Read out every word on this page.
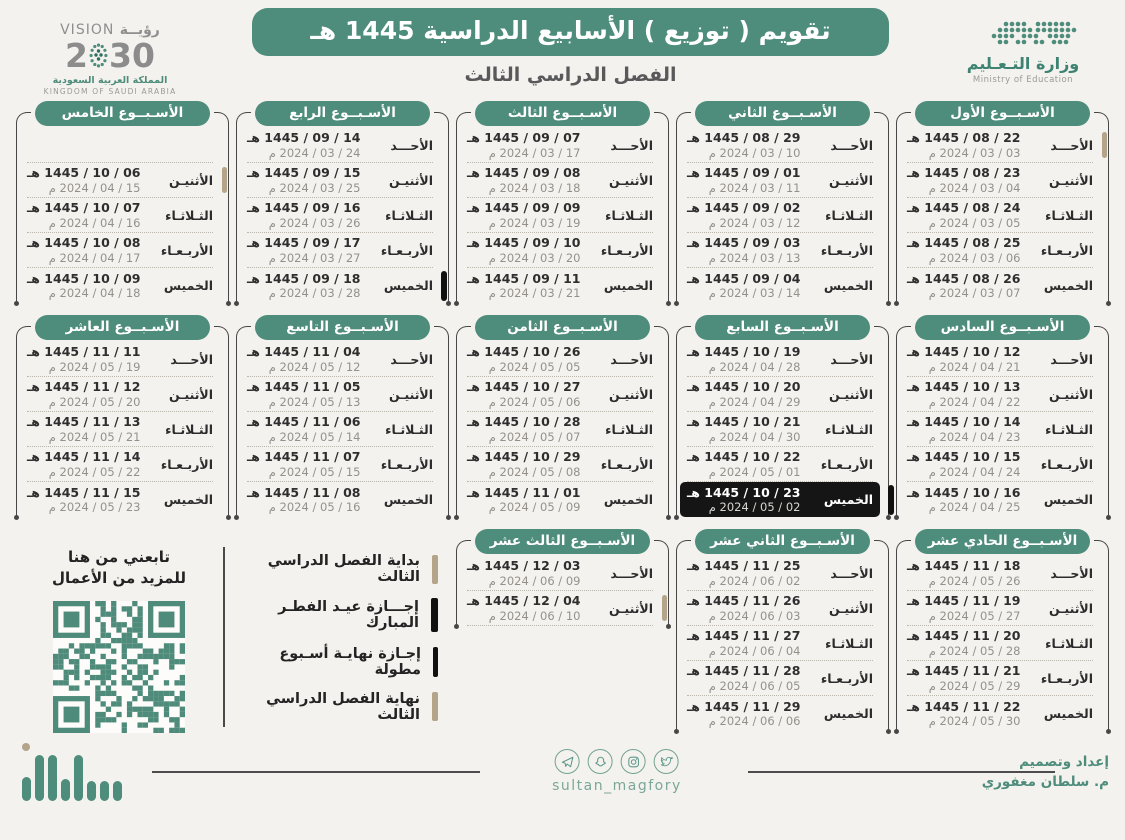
وزارة التـعـليم
Ministry of Education
تقويم ( توزيع ) الأسابيع الدراسية 1445 هـ
الفصل الدراسي الثالث
VISION رؤيــة
2 30
المملكة العربية السعودية
KINGDOM OF SAUDI ARABIA
الأسـبــوع الأول
الأحـــد
22 / 08 / 1445 هـ
03 / 03 / 2024 م
الأثنيـن
23 / 08 / 1445 هـ
04 / 03 / 2024 م
الثـلاثـاء
24 / 08 / 1445 هـ
05 / 03 / 2024 م
الأربـعـاء
25 / 08 / 1445 هـ
06 / 03 / 2024 م
الخميس
26 / 08 / 1445 هـ
07 / 03 / 2024 م
الأسـبــوع الثاني
الأحـــد
29 / 08 / 1445 هـ
10 / 03 / 2024 م
الأثنيـن
01 / 09 / 1445 هـ
11 / 03 / 2024 م
الثـلاثـاء
02 / 09 / 1445 هـ
12 / 03 / 2024 م
الأربـعـاء
03 / 09 / 1445 هـ
13 / 03 / 2024 م
الخميس
04 / 09 / 1445 هـ
14 / 03 / 2024 م
الأسـبــوع الثالث
الأحـــد
07 / 09 / 1445 هـ
17 / 03 / 2024 م
الأثنيـن
08 / 09 / 1445 هـ
18 / 03 / 2024 م
الثـلاثـاء
09 / 09 / 1445 هـ
19 / 03 / 2024 م
الأربـعـاء
10 / 09 / 1445 هـ
20 / 03 / 2024 م
الخميس
11 / 09 / 1445 هـ
21 / 03 / 2024 م
الأسـبــوع الرابع
الأحـــد
14 / 09 / 1445 هـ
24 / 03 / 2024 م
الأثنيـن
15 / 09 / 1445 هـ
25 / 03 / 2024 م
الثـلاثـاء
16 / 09 / 1445 هـ
26 / 03 / 2024 م
الأربـعـاء
17 / 09 / 1445 هـ
27 / 03 / 2024 م
الخميس
18 / 09 / 1445 هـ
28 / 03 / 2024 م
الأسـبــوع الخامس
الأثنيـن
06 / 10 / 1445 هـ
15 / 04 / 2024 م
الثـلاثـاء
07 / 10 / 1445 هـ
16 / 04 / 2024 م
الأربـعـاء
08 / 10 / 1445 هـ
17 / 04 / 2024 م
الخميس
09 / 10 / 1445 هـ
18 / 04 / 2024 م
الأسـبــوع السادس
الأحـــد
12 / 10 / 1445 هـ
21 / 04 / 2024 م
الأثنيـن
13 / 10 / 1445 هـ
22 / 04 / 2024 م
الثـلاثـاء
14 / 10 / 1445 هـ
23 / 04 / 2024 م
الأربـعـاء
15 / 10 / 1445 هـ
24 / 04 / 2024 م
الخميس
16 / 10 / 1445 هـ
25 / 04 / 2024 م
الأسـبــوع السابع
الأحـــد
19 / 10 / 1445 هـ
28 / 04 / 2024 م
الأثنيـن
20 / 10 / 1445 هـ
29 / 04 / 2024 م
الثـلاثـاء
21 / 10 / 1445 هـ
30 / 04 / 2024 م
الأربـعـاء
22 / 10 / 1445 هـ
01 / 05 / 2024 م
الخميس
23 / 10 / 1445 هـ
02 / 05 / 2024 م
الأسـبــوع الثامن
الأحـــد
26 / 10 / 1445 هـ
05 / 05 / 2024 م
الأثنيـن
27 / 10 / 1445 هـ
06 / 05 / 2024 م
الثـلاثـاء
28 / 10 / 1445 هـ
07 / 05 / 2024 م
الأربـعـاء
29 / 10 / 1445 هـ
08 / 05 / 2024 م
الخميس
01 / 11 / 1445 هـ
09 / 05 / 2024 م
الأسـبــوع التاسع
الأحـــد
04 / 11 / 1445 هـ
12 / 05 / 2024 م
الأثنيـن
05 / 11 / 1445 هـ
13 / 05 / 2024 م
الثـلاثـاء
06 / 11 / 1445 هـ
14 / 05 / 2024 م
الأربـعـاء
07 / 11 / 1445 هـ
15 / 05 / 2024 م
الخميس
08 / 11 / 1445 هـ
16 / 05 / 2024 م
الأسـبــوع العاشر
الأحـــد
11 / 11 / 1445 هـ
19 / 05 / 2024 م
الأثنيـن
12 / 11 / 1445 هـ
20 / 05 / 2024 م
الثـلاثـاء
13 / 11 / 1445 هـ
21 / 05 / 2024 م
الأربـعـاء
14 / 11 / 1445 هـ
22 / 05 / 2024 م
الخميس
15 / 11 / 1445 هـ
23 / 05 / 2024 م
الأسـبــوع الحادي عشر
الأحـــد
18 / 11 / 1445 هـ
26 / 05 / 2024 م
الأثنيـن
19 / 11 / 1445 هـ
27 / 05 / 2024 م
الثـلاثـاء
20 / 11 / 1445 هـ
28 / 05 / 2024 م
الأربـعـاء
21 / 11 / 1445 هـ
29 / 05 / 2024 م
الخميس
22 / 11 / 1445 هـ
30 / 05 / 2024 م
الأسـبــوع الثاني عشر
الأحـــد
25 / 11 / 1445 هـ
02 / 06 / 2024 م
الأثنيـن
26 / 11 / 1445 هـ
03 / 06 / 2024 م
الثـلاثـاء
27 / 11 / 1445 هـ
04 / 06 / 2024 م
الأربـعـاء
28 / 11 / 1445 هـ
05 / 06 / 2024 م
الخميس
29 / 11 / 1445 هـ
06 / 06 / 2024 م
الأسـبــوع الثالث عشر
الأحـــد
03 / 12 / 1445 هـ
09 / 06 / 2024 م
الأثنيـن
04 / 12 / 1445 هـ
10 / 06 / 2024 م
بداية الفصل الدراسي الثالث
إجـــازة عيـد الفطـر المبارك
إجـازة نهايـة أسـبوع مطولة
نهاية الفصل الدراسي الثالث
تابعني من هنا
للمزيد من الأعمال
sultan_magfory
إعداد وتصميم
م. سلطان مغفوري
